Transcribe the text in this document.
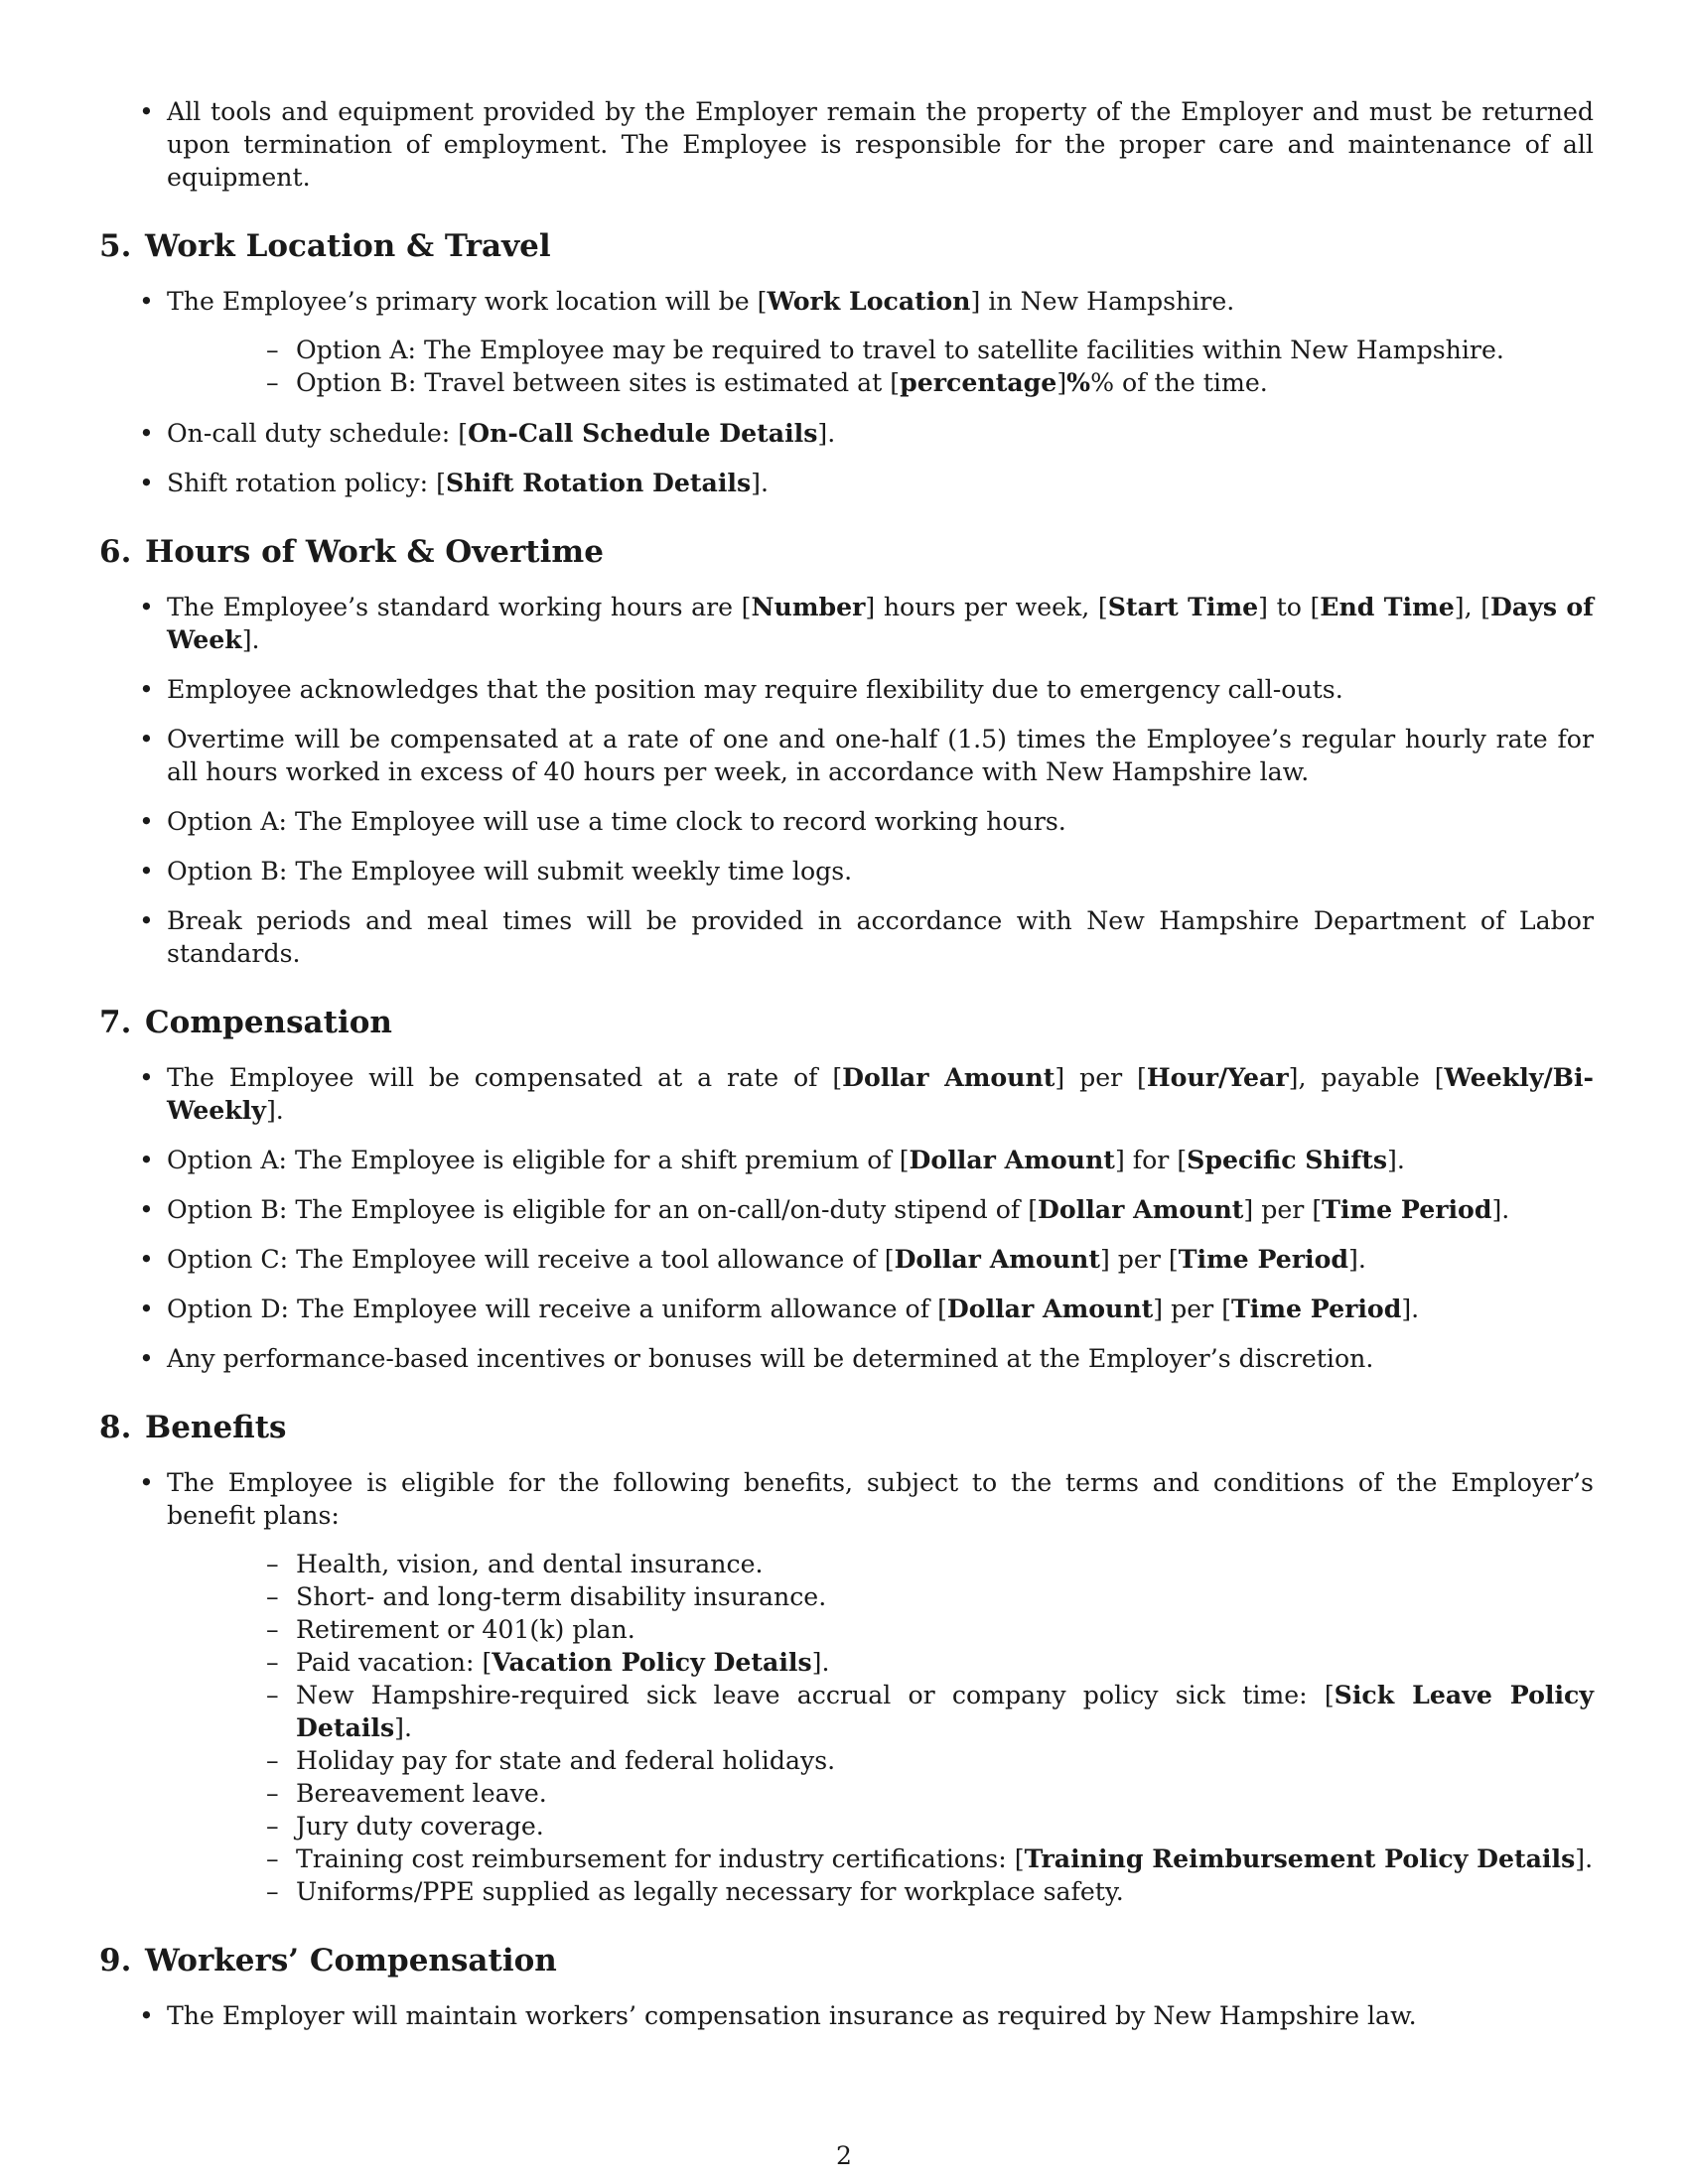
• All tools and equipment provided by the Employer remain the property of the Employer and must be returned upon termination of employment. The Employee is responsible for the proper care and maintenance of all equipment.
5. Work Location & Travel
• The Employee’s primary work location will be [Work Location] in New Hampshire.
– Option A: The Employee may be required to travel to satellite facilities within New Hampshire.
– Option B: Travel between sites is estimated at [percentage]%% of the time.
• On-call duty schedule: [On-Call Schedule Details].
• Shift rotation policy: [Shift Rotation Details].
6. Hours of Work & Overtime
• The Employee’s standard working hours are [Number] hours per week, [Start Time] to [End Time], [Days of Week].
• Employee acknowledges that the position may require flexibility due to emergency call-outs.
• Overtime will be compensated at a rate of one and one-half (1.5) times the Employee’s regular hourly rate for all hours worked in excess of 40 hours per week, in accordance with New Hampshire law.
• Option A: The Employee will use a time clock to record working hours.
• Option B: The Employee will submit weekly time logs.
• Break periods and meal times will be provided in accordance with New Hampshire Department of Labor standards.
7. Compensation
• The Employee will be compensated at a rate of [Dollar Amount] per [Hour/Year], payable [Weekly/Bi-Weekly].
• Option A: The Employee is eligible for a shift premium of [Dollar Amount] for [Specific Shifts].
• Option B: The Employee is eligible for an on-call/on-duty stipend of [Dollar Amount] per [Time Period].
• Option C: The Employee will receive a tool allowance of [Dollar Amount] per [Time Period].
• Option D: The Employee will receive a uniform allowance of [Dollar Amount] per [Time Period].
• Any performance-based incentives or bonuses will be determined at the Employer’s discretion.
8. Benefits
• The Employee is eligible for the following benefits, subject to the terms and conditions of the Employer’s benefit plans:
– Health, vision, and dental insurance.
– Short- and long-term disability insurance.
– Retirement or 401(k) plan.
– Paid vacation: [Vacation Policy Details].
– New Hampshire-required sick leave accrual or company policy sick time: [Sick Leave Policy Details].
– Holiday pay for state and federal holidays.
– Bereavement leave.
– Jury duty coverage.
– Training cost reimbursement for industry certifications: [Training Reimbursement Policy Details].
– Uniforms/PPE supplied as legally necessary for workplace safety.
9. Workers’ Compensation
• The Employer will maintain workers’ compensation insurance as required by New Hampshire law.
2
